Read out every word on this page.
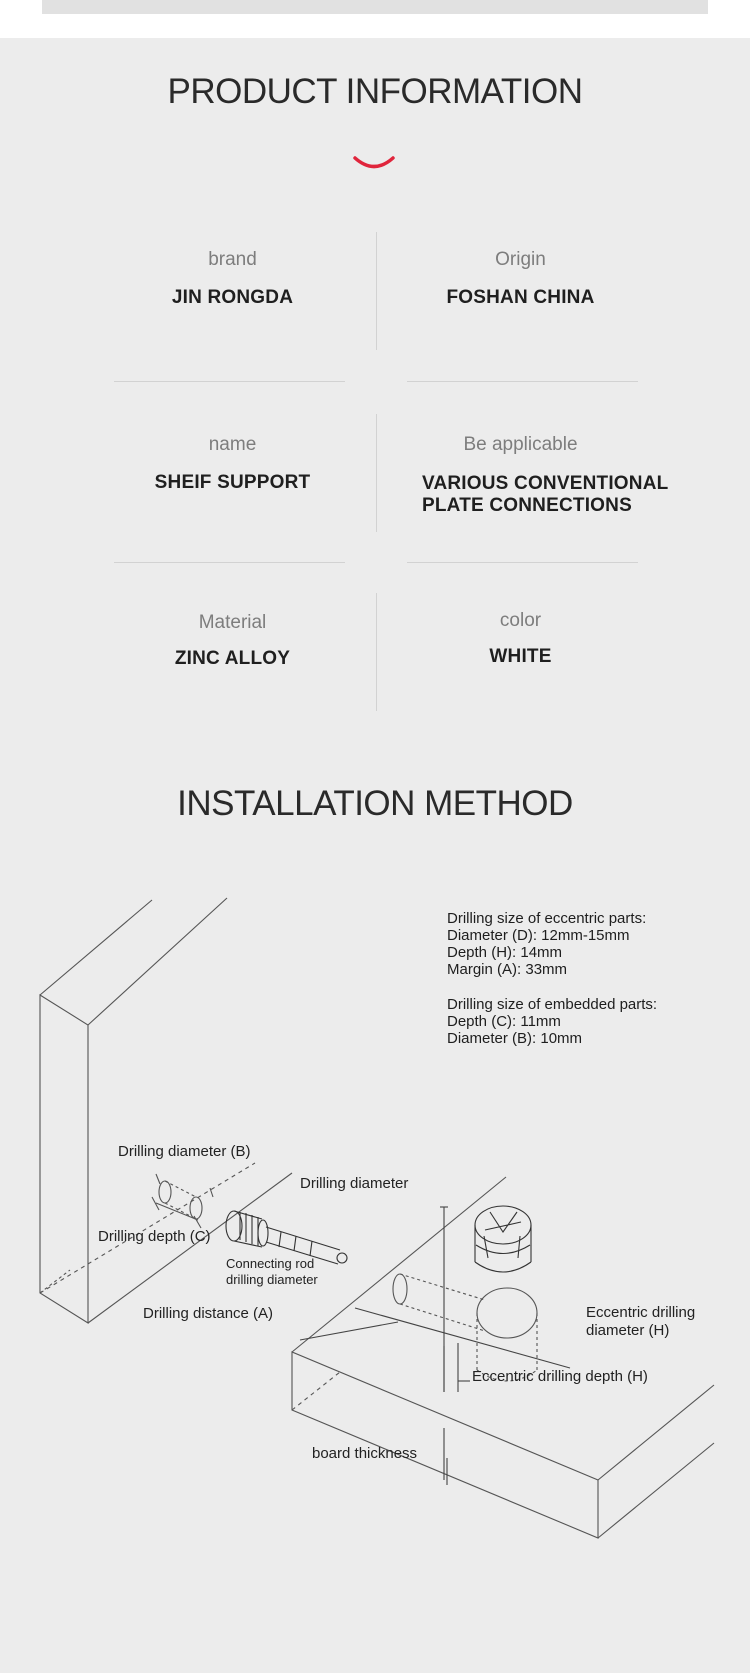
PRODUCT INFORMATION
brand
JIN RONGDA
Origin
FOSHAN CHINA
name
SHEIF SUPPORT
Be applicable
VARIOUS CONVENTIONAL
PLATE CONNECTIONS
Material
ZINC ALLOY
color
WHITE
INSTALLATION METHOD
Drilling size of eccentric parts:
Diameter (D): 12mm-15mm
Depth (H): 14mm
Margin (A): 33mm
Drilling size of embedded parts:
Depth (C): 11mm
Diameter (B): 10mm
Drilling diameter (B)
Drilling diameter
Drilling depth (C)
Connecting rod
drilling diameter
Drilling distance (A)	Eccentric drilling
diameter (H)
Eccentric drilling depth (H)
board thickness
